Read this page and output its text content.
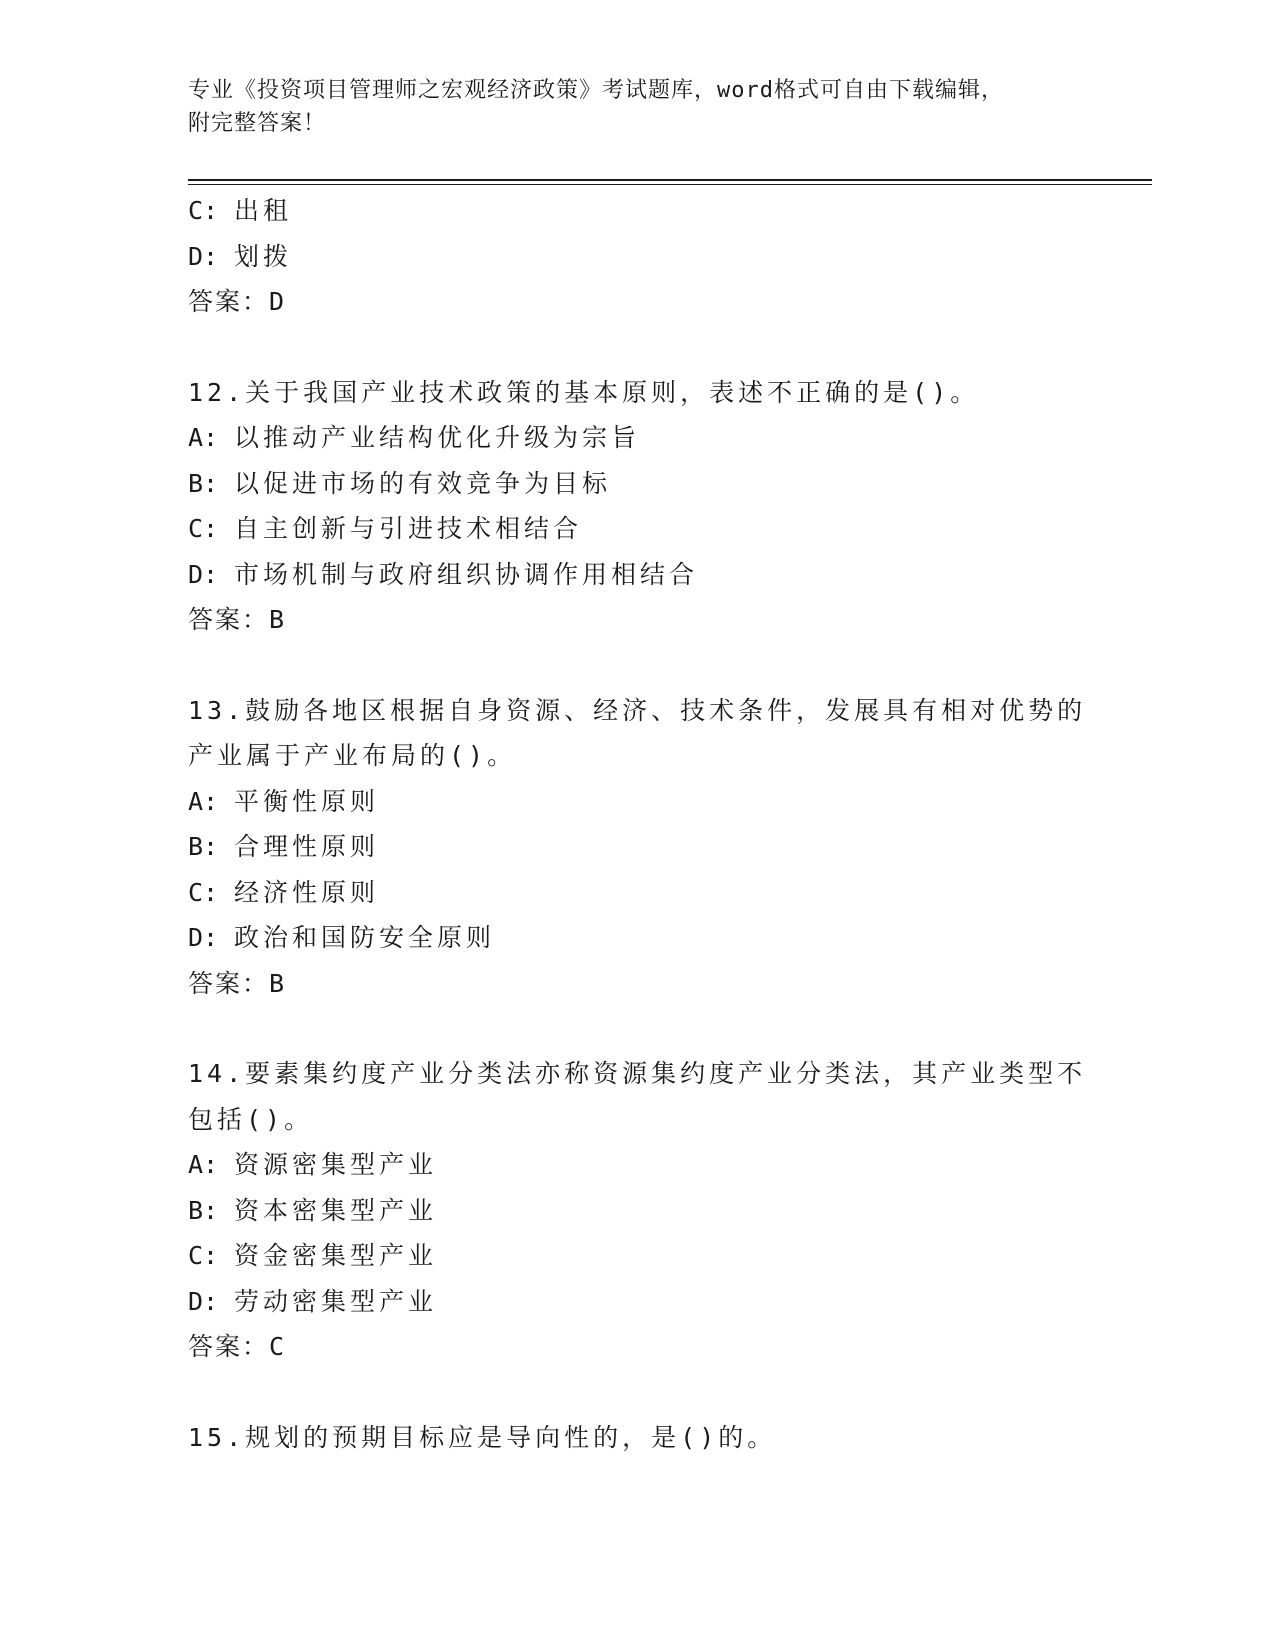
专业《投资项目管理师之宏观经济政策》考试题库，word格式可自由下载编辑，
附完整答案！
C: 出租
D: 划拨
答案：D
12.关于我国产业技术政策的基本原则，表述不正确的是()。
A: 以推动产业结构优化升级为宗旨
B: 以促进市场的有效竞争为目标
C: 自主创新与引进技术相结合
D: 市场机制与政府组织协调作用相结合
答案：B
13.鼓励各地区根据自身资源、经济、技术条件，发展具有相对优势的
产业属于产业布局的()。
A: 平衡性原则
B: 合理性原则
C: 经济性原则
D: 政治和国防安全原则
答案：B
14.要素集约度产业分类法亦称资源集约度产业分类法，其产业类型不
包括()。
A: 资源密集型产业
B: 资本密集型产业
C: 资金密集型产业
D: 劳动密集型产业
答案：C
15.规划的预期目标应是导向性的，是()的。
